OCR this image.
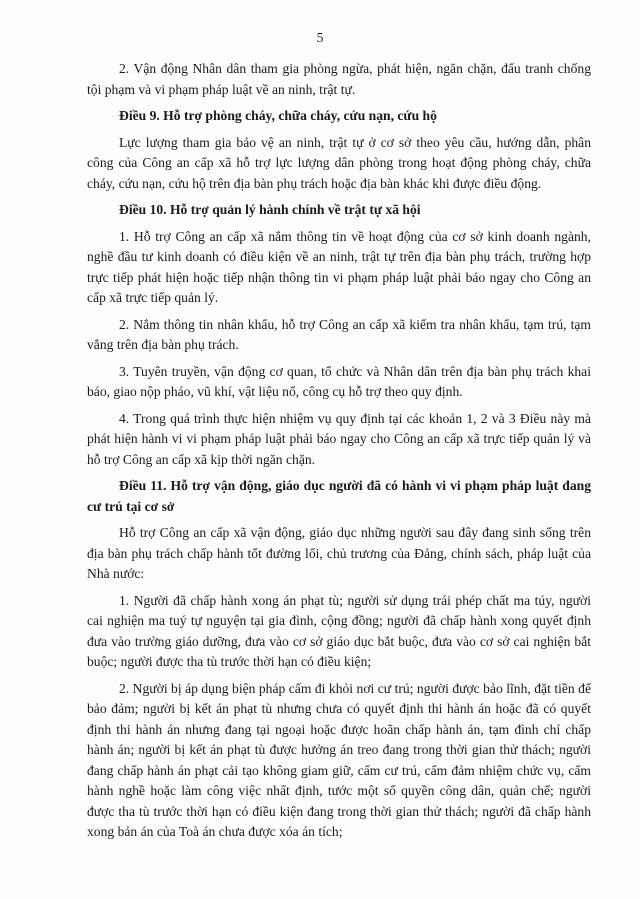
5

2. Vận động Nhân dân tham gia phòng ngừa, phát hiện, ngăn chặn, đấu tranh chống tội phạm và vi phạm pháp luật về an ninh, trật tự.

Điều 9. Hỗ trợ phòng cháy, chữa cháy, cứu nạn, cứu hộ

Lực lượng tham gia bảo vệ an ninh, trật tự ở cơ sở theo yêu cầu, hướng dẫn, phân công của Công an cấp xã hỗ trợ lực lượng dân phòng trong hoạt động phòng cháy, chữa cháy, cứu nạn, cứu hộ trên địa bàn phụ trách hoặc địa bàn khác khi được điều động.

Điều 10. Hỗ trợ quản lý hành chính về trật tự xã hội

1. Hỗ trợ Công an cấp xã nắm thông tin về hoạt động của cơ sở kinh doanh ngành, nghề đầu tư kinh doanh có điều kiện về an ninh, trật tự trên địa bàn phụ trách, trường hợp trực tiếp phát hiện hoặc tiếp nhận thông tin vi phạm pháp luật phải báo ngay cho Công an cấp xã trực tiếp quản lý.

2. Nắm thông tin nhân khẩu, hỗ trợ Công an cấp xã kiểm tra nhân khẩu, tạm trú, tạm vắng trên địa bàn phụ trách.

3. Tuyên truyền, vận động cơ quan, tổ chức và Nhân dân trên địa bàn phụ trách khai báo, giao nộp pháo, vũ khí, vật liệu nổ, công cụ hỗ trợ theo quy định.

4. Trong quá trình thực hiện nhiệm vụ quy định tại các khoản 1, 2 và 3 Điều này mà phát hiện hành vi vi phạm pháp luật phải báo ngay cho Công an cấp xã trực tiếp quản lý và hỗ trợ Công an cấp xã kịp thời ngăn chặn.

Điều 11. Hỗ trợ vận động, giáo dục người đã có hành vi vi phạm pháp luật đang cư trú tại cơ sở

Hỗ trợ Công an cấp xã vận động, giáo dục những người sau đây đang sinh sống trên địa bàn phụ trách chấp hành tốt đường lối, chủ trương của Đảng, chính sách, pháp luật của Nhà nước:

1. Người đã chấp hành xong án phạt tù; người sử dụng trái phép chất ma túy, người cai nghiện ma tuý tự nguyện tại gia đình, cộng đồng; người đã chấp hành xong quyết định đưa vào trường giáo dưỡng, đưa vào cơ sở giáo dục bắt buộc, đưa vào cơ sở cai nghiện bắt buộc; người được tha tù trước thời hạn có điều kiện;

2. Người bị áp dụng biện pháp cấm đi khỏi nơi cư trú; người được bảo lĩnh, đặt tiền để bảo đảm; người bị kết án phạt tù nhưng chưa có quyết định thi hành án hoặc đã có quyết định thi hành án nhưng đang tại ngoại hoặc được hoãn chấp hành án, tạm đình chỉ chấp hành án; người bị kết án phạt tù được hưởng án treo đang trong thời gian thử thách; người đang chấp hành án phạt cải tạo không giam giữ, cấm cư trú, cấm đảm nhiệm chức vụ, cấm hành nghề hoặc làm công việc nhất định, tước một số quyền công dân, quản chế; người được tha tù trước thời hạn có điều kiện đang trong thời gian thử thách; người đã chấp hành xong bản án của Toà án chưa được xóa án tích;
